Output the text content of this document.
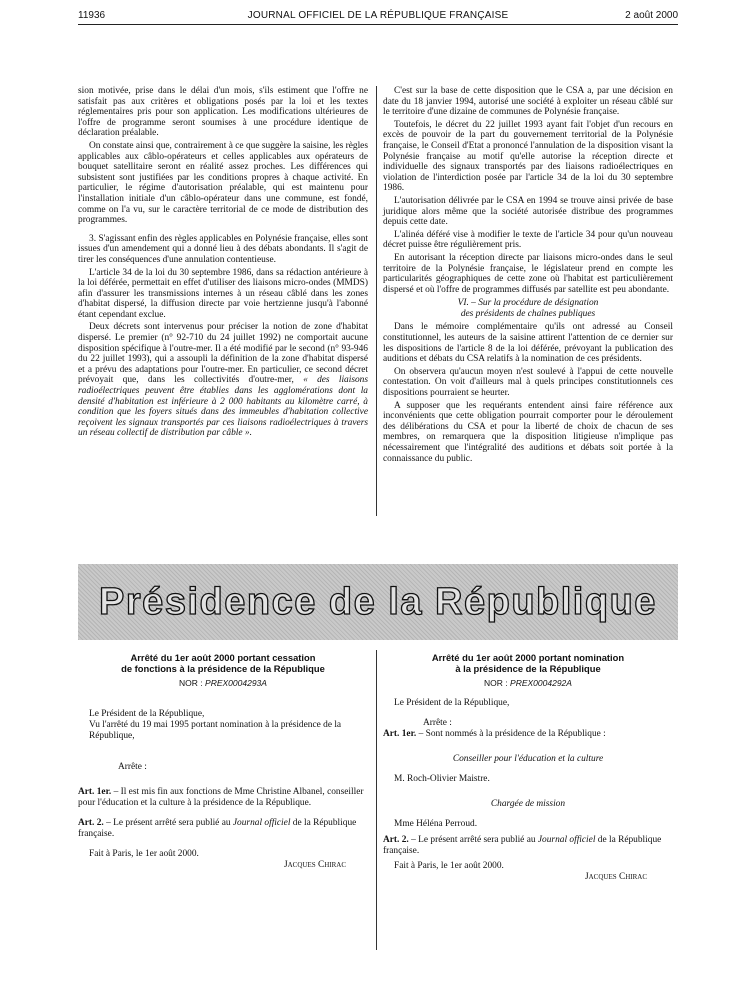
11936	JOURNAL OFFICIEL DE LA RÉPUBLIQUE FRANÇAISE	2 août 2000

sion motivée, prise dans le délai d'un mois, s'ils estiment que l'offre ne satisfait pas aux critères et obligations posés par la loi et les textes réglementaires pris pour son application. Les modifications ultérieures de l'offre de programme seront soumises à une procédure identique de déclaration préalable.

On constate ainsi que, contrairement à ce que suggère la saisine, les règles applicables aux câblo-opérateurs et celles applicables aux opérateurs de bouquet satellitaire seront en réalité assez proches. Les différences qui subsistent sont justifiées par les conditions propres à chaque activité. En particulier, le régime d'autorisation préalable, qui est maintenu pour l'installation initiale d'un câblo-opérateur dans une commune, est fondé, comme on l'a vu, sur le caractère territorial de ce mode de distribution des programmes.

3. S'agissant enfin des règles applicables en Polynésie française, elles sont issues d'un amendement qui a donné lieu à des débats abondants. Il s'agit de tirer les conséquences d'une annulation contentieuse.

L'article 34 de la loi du 30 septembre 1986, dans sa rédaction antérieure à la loi déférée, permettait en effet d'utiliser des liaisons micro-ondes (MMDS) afin d'assurer les transmissions internes à un réseau câblé dans les zones d'habitat dispersé, la diffusion directe par voie hertzienne jusqu'à l'abonné étant cependant exclue.

Deux décrets sont intervenus pour préciser la notion de zone d'habitat dispersé. Le premier (n° 92-710 du 24 juillet 1992) ne comportait aucune disposition spécifique à l'outre-mer. Il a été modifié par le second (n° 93-946 du 22 juillet 1993), qui a assoupli la définition de la zone d'habitat dispersé et a prévu des adaptations pour l'outre-mer. En particulier, ce second décret prévoyait que, dans les collectivités d'outre-mer, « des liaisons radioélectriques peuvent être établies dans les agglomérations dont la densité d'habitation est inférieure à 2 000 habitants au kilomètre carré, à condition que les foyers situés dans des immeubles d'habitation collective reçoivent les signaux transportés par ces liaisons radioélectriques à travers un réseau collectif de distribution par câble ».

C'est sur la base de cette disposition que le CSA a, par une décision en date du 18 janvier 1994, autorisé une société à exploiter un réseau câblé sur le territoire d'une dizaine de communes de Polynésie française.

Toutefois, le décret du 22 juillet 1993 ayant fait l'objet d'un recours en excès de pouvoir de la part du gouvernement territorial de la Polynésie française, le Conseil d'Etat a prononcé l'annulation de la disposition visant la Polynésie française au motif qu'elle autorise la réception directe et individuelle des signaux transportés par des liaisons radioélectriques en violation de l'interdiction posée par l'article 34 de la loi du 30 septembre 1986.

L'autorisation délivrée par le CSA en 1994 se trouve ainsi privée de base juridique alors même que la société autorisée distribue des programmes depuis cette date.

L'alinéa déféré vise à modifier le texte de l'article 34 pour qu'un nouveau décret puisse être régulièrement pris.

En autorisant la réception directe par liaisons micro-ondes dans le seul territoire de la Polynésie française, le législateur prend en compte les particularités géographiques de cette zone où l'habitat est particulièrement dispersé et où l'offre de programmes diffusés par satellite est peu abondante.

VI. – Sur la procédure de désignation
des présidents de chaînes publiques

Dans le mémoire complémentaire qu'ils ont adressé au Conseil constitutionnel, les auteurs de la saisine attirent l'attention de ce dernier sur les dispositions de l'article 8 de la loi déférée, prévoyant la publication des auditions et débats du CSA relatifs à la nomination de ces présidents.

On observera qu'aucun moyen n'est soulevé à l'appui de cette nouvelle contestation. On voit d'ailleurs mal à quels principes constitutionnels ces dispositions pourraient se heurter.

A supposer que les requérants entendent ainsi faire référence aux inconvénients que cette obligation pourrait comporter pour le déroulement des délibérations du CSA et pour la liberté de choix de chacun de ses membres, on remarquera que la disposition litigieuse n'implique pas nécessairement que l'intégralité des auditions et débats soit portée à la connaissance du public.

Présidence de la République
Arrêté du 1er août 2000 portant cessation
de fonctions à la présidence de la République
NOR : PREX0004293A

Le Président de la République,

Vu l'arrêté du 19 mai 1995 portant nomination à la présidence de la République,

Arrête :

Art. 1er. – Il est mis fin aux fonctions de Mme Christine Albanel, conseiller pour l'éducation et la culture à la présidence de la République.

Art. 2. – Le présent arrêté sera publié au Journal officiel de la République française.

Fait à Paris, le 1er août 2000.

Jacques Chirac

Arrêté du 1er août 2000 portant nomination
à la présidence de la République
NOR : PREX0004292A

Le Président de la République,

Arrête :

Art. 1er. – Sont nommés à la présidence de la République :

Conseiller pour l'éducation et la culture

M. Roch-Olivier Maistre.

Chargée de mission

Mme Héléna Perroud.

Art. 2. – Le présent arrêté sera publié au Journal officiel de la République française.

Fait à Paris, le 1er août 2000.

Jacques Chirac
